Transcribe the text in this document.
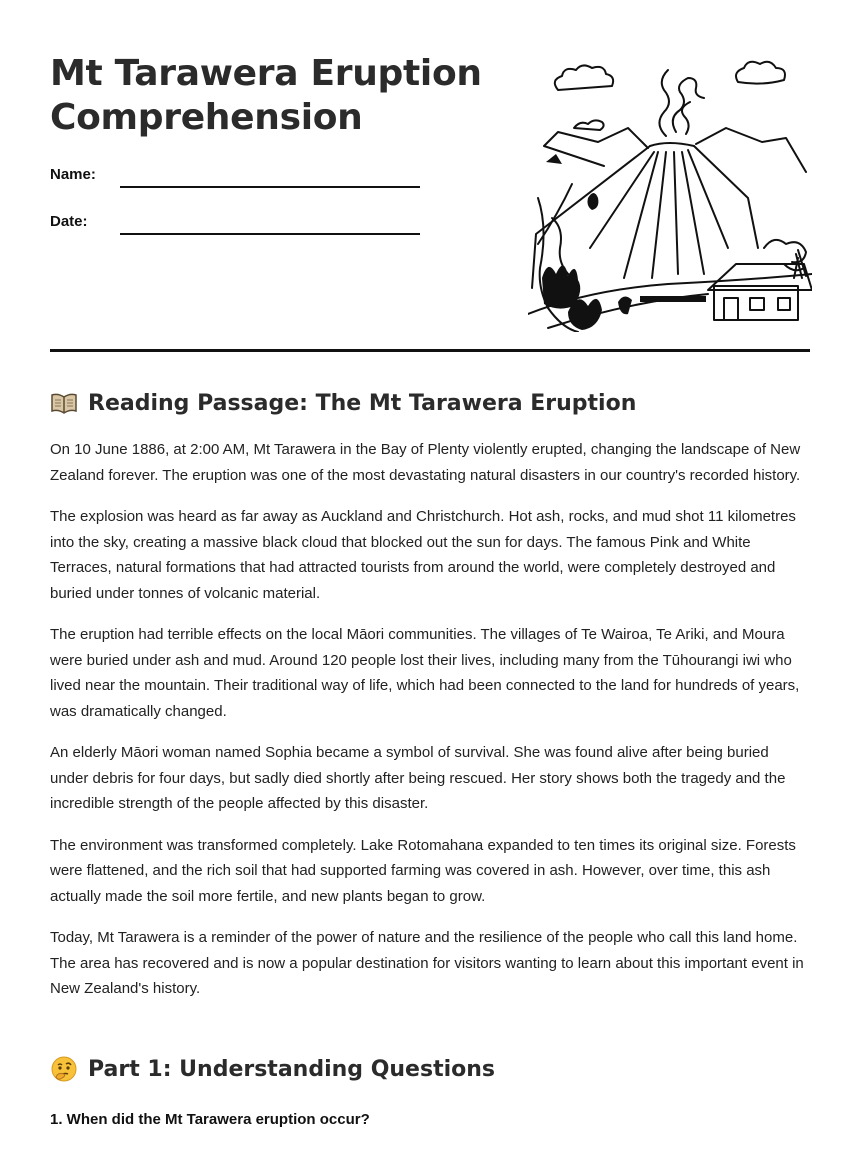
Mt Tarawera Eruption
Comprehension
Name:
Date:
Reading Passage: The Mt Tarawera Eruption

On 10 June 1886, at 2:00 AM, Mt Tarawera in the Bay of Plenty violently erupted, changing the landscape of New Zealand forever. The eruption was one of the most devastating natural disasters in our country's recorded history.

The explosion was heard as far away as Auckland and Christchurch. Hot ash, rocks, and mud shot 11 kilometres into the sky, creating a massive black cloud that blocked out the sun for days. The famous Pink and White Terraces, natural formations that had attracted tourists from around the world, were completely destroyed and buried under tonnes of volcanic material.

The eruption had terrible effects on the local Māori communities. The villages of Te Wairoa, Te Ariki, and Moura were buried under ash and mud. Around 120 people lost their lives, including many from the Tūhourangi iwi who lived near the mountain. Their traditional way of life, which had been connected to the land for hundreds of years, was dramatically changed.

An elderly Māori woman named Sophia became a symbol of survival. She was found alive after being buried under debris for four days, but sadly died shortly after being rescued. Her story shows both the tragedy and the incredible strength of the people affected by this disaster.

The environment was transformed completely. Lake Rotomahana expanded to ten times its original size. Forests were flattened, and the rich soil that had supported farming was covered in ash. However, over time, this ash actually made the soil more fertile, and new plants began to grow.

Today, Mt Tarawera is a reminder of the power of nature and the resilience of the people who call this land home. The area has recovered and is now a popular destination for visitors wanting to learn about this important event in New Zealand's history.

Part 1: Understanding Questions
1. When did the Mt Tarawera eruption occur?
